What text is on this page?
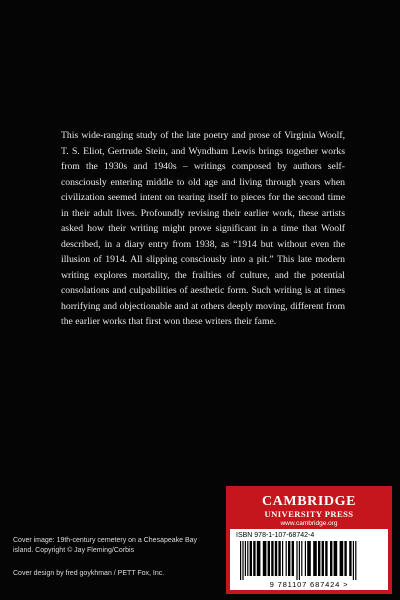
This wide-ranging study of the late poetry and prose of Virginia Woolf, T. S. Eliot, Gertrude Stein, and Wyndham Lewis brings together works from the 1930s and 1940s – writings composed by authors self-consciously entering middle to old age and living through years when civilization seemed intent on tearing itself to pieces for the second time in their adult lives. Profoundly revising their earlier work, these artists asked how their writing might prove significant in a time that Woolf described, in a diary entry from 1938, as “1914 but without even the illusion of 1914. All slipping consciously into a pit.” This late modern writing explores mortality, the frailties of culture, and the potential consolations and culpabilities of aesthetic form. Such writing is at times horrifying and objectionable and at others deeply moving, different from the earlier works that first won these writers their fame.

Cover image: 19th-century cemetery on a Chesapeake Bay island. Copyright © Jay Fleming/Corbis

Cover design by fred goykhman / PETT Fox, Inc.

CAMBRIDGE

UNIVERSITY PRESS

www.cambridge.org

ISBN 978-1-107-68742-4

9 781107 687424 >
